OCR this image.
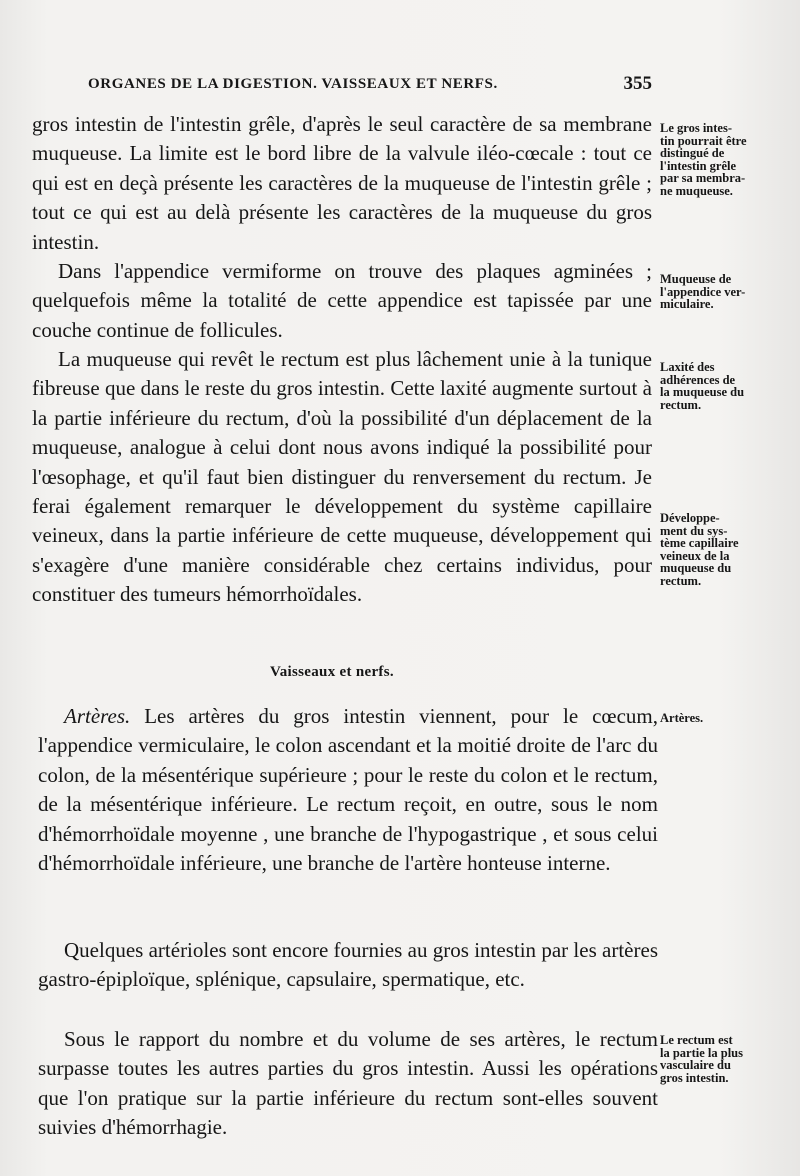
ORGANES DE LA DIGESTION. VAISSEAUX ET NERFS.	355

gros intestin de l'intestin grêle, d'après le seul caractère de sa membrane muqueuse. La limite est le bord libre de la valvule iléo-cœcale : tout ce qui est en deçà présente les caractères de la muqueuse de l'intestin grêle ; tout ce qui est au delà présente les caractères de la muqueuse du gros intestin.

Dans l'appendice vermiforme on trouve des plaques agminées ; quelquefois même la totalité de cette appendice est tapissée par une couche continue de follicules.

La muqueuse qui revêt le rectum est plus lâchement unie à la tunique fibreuse que dans le reste du gros intestin. Cette laxité augmente surtout à la partie inférieure du rectum, d'où la possibilité d'un déplacement de la muqueuse, analogue à celui dont nous avons indiqué la possibilité pour l'œsophage, et qu'il faut bien distinguer du renversement du rectum. Je ferai également remarquer le développement du système capillaire veineux, dans la partie inférieure de cette muqueuse, développement qui s'exagère d'une manière considérable chez certains individus, pour constituer des tumeurs hémorrhoïdales.

Vaisseaux et nerfs.

Artères. Les artères du gros intestin viennent, pour le cœcum, l'appendice vermiculaire, le colon ascendant et la moitié droite de l'arc du colon, de la mésentérique supérieure ; pour le reste du colon et le rectum, de la mésentérique inférieure. Le rectum reçoit, en outre, sous le nom d'hémorrhoïdale moyenne , une branche de l'hypogastrique , et sous celui d'hémorrhoïdale inférieure, une branche de l'artère honteuse interne.

Quelques artérioles sont encore fournies au gros intestin par les artères gastro-épiploïque, splénique, capsulaire, spermatique, etc.

Sous le rapport du nombre et du volume de ses artères, le rectum surpasse toutes les autres parties du gros intestin. Aussi les opérations que l'on pratique sur la partie inférieure du rectum sont-elles souvent suivies d'hémorrhagie.

Le gros intes-
tin pourrait être
distingué de
l'intestin grêle
par sa membra-
ne muqueuse.
Muqueuse de
l'appendice ver-
miculaire.
Laxité des
adhérences de
la muqueuse du
rectum.
Développe-
ment du sys-
tème capillaire
veineux de la
muqueuse du
rectum.
Artères.
Le rectum est
la partie la plus
vasculaire du
gros intestin.
